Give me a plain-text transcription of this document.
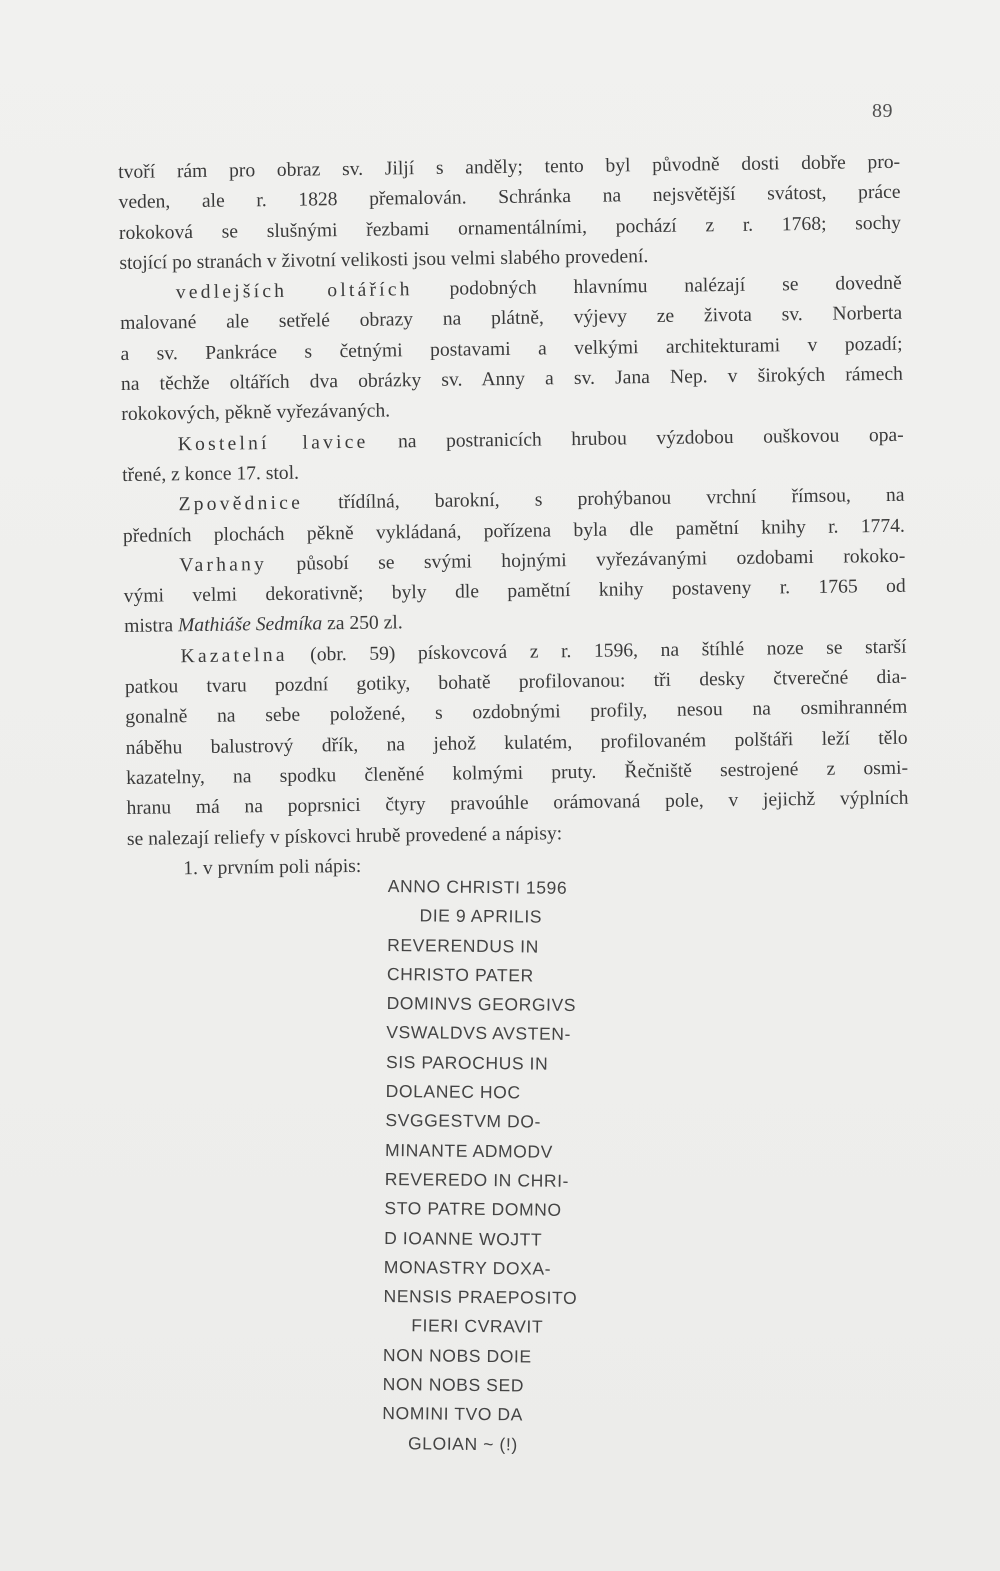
89
tvoří rám pro obraz sv. Jiljí s anděly; tento byl původně dosti dobře pro-
veden, ale r. 1828 přemalován. Schránka na nejsvětější svátost, práce
rokoková se slušnými řezbami ornamentálními, pochází z r. 1768; sochy
stojící po stranách v životní velikosti jsou velmi slabého provedení.
vedlejších oltářích podobných hlavnímu nalézají se dovedně
malované ale setřelé obrazy na plátně, výjevy ze života sv. Norberta
a sv. Pankráce s četnými postavami a velkými architekturami v pozadí;
na těchže oltářích dva obrázky sv. Anny a sv. Jana Nep. v širokých rámech
rokokových, pěkně vyřezávaných.
Kostelní lavice na postranicích hrubou výzdobou ouškovou opa-
třené, z konce 17. stol.
Zpovědnice třídílná, barokní, s prohýbanou vrchní římsou, na
předních plochách pěkně vykládaná, pořízena byla dle pamětní knihy r. 1774.
Varhany působí se svými hojnými vyřezávanými ozdobami rokoko-
vými velmi dekorativně; byly dle pamětní knihy postaveny r. 1765 od
mistra Mathiáše Sedmíka za 250 zl.
Kazatelna (obr. 59) pískovcová z r. 1596, na štíhlé noze se starší
patkou tvaru pozdní gotiky, bohatě profilovanou: tři desky čtverečné dia-
gonalně na sebe položené, s ozdobnými profily, nesou na osmihranném
náběhu balustrový dřík, na jehož kulatém, profilovaném polštáři leží tělo
kazatelny, na spodku členěné kolmými pruty. Řečniště sestrojené z osmi-
hranu má na poprsnici čtyry pravoúhle orámovaná pole, v jejichž výplních
se nalezají reliefy v pískovci hrubě provedené a nápisy:
1. v prvním poli nápis:
ANNO CHRISTI 1596
DIE 9 APRILIS
REVERENDUS IN
CHRISTO PATER
DOMINVS GEORGIVS
VSWALDVS AVSTEN-
SIS PAROCHUS IN
DOLANEC HOC
SVGGESTVM DO-
MINANTE ADMODV
REVEREDO IN CHRI-
STO PATRE DOMNO
D IOANNE WOJTT
MONASTRY DOXA-
NENSIS PRAEPOSITO
FIERI CVRAVIT
NON NOBS DOIE
NON NOBS SED
NOMINI TVO DA
GLOIAN ~ (!)
